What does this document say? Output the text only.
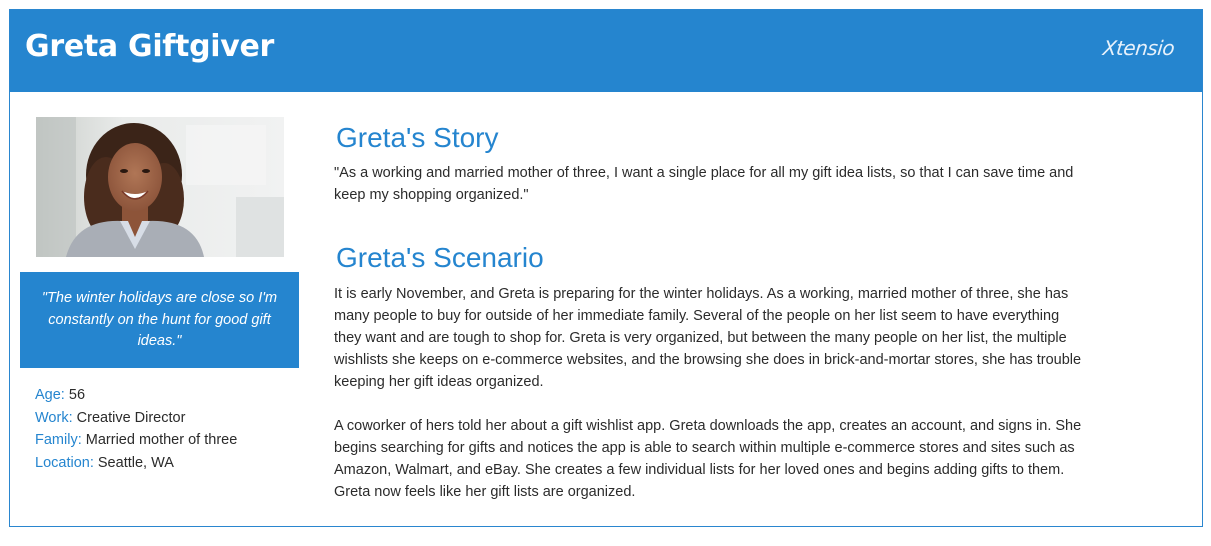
Greta Giftgiver	Xtensio
"The winter holidays are close so I'm constantly on the hunt for good gift ideas."
Age: 56
Work: Creative Director
Family: Married mother of three
Location: Seattle, WA
Greta's Story

"As a working and married mother of three, I want a single place for all my gift idea lists, so that I can save time and keep my shopping organized."

Greta's Scenario

It is early November, and Greta is preparing for the winter holidays. As a working, married mother of three, she has many people to buy for outside of her immediate family. Several of the people on her list seem to have everything they want and are tough to shop for. Greta is very organized, but between the many people on her list, the multiple wishlists she keeps on e-commerce websites, and the browsing she does in brick-and-mortar stores, she has trouble keeping her gift ideas organized.

A coworker of hers told her about a gift wishlist app. Greta downloads the app, creates an account, and signs in. She begins searching for gifts and notices the app is able to search within multiple e-commerce stores and sites such as Amazon, Walmart, and eBay. She creates a few individual lists for her loved ones and begins adding gifts to them. Greta now feels like her gift lists are organized.
